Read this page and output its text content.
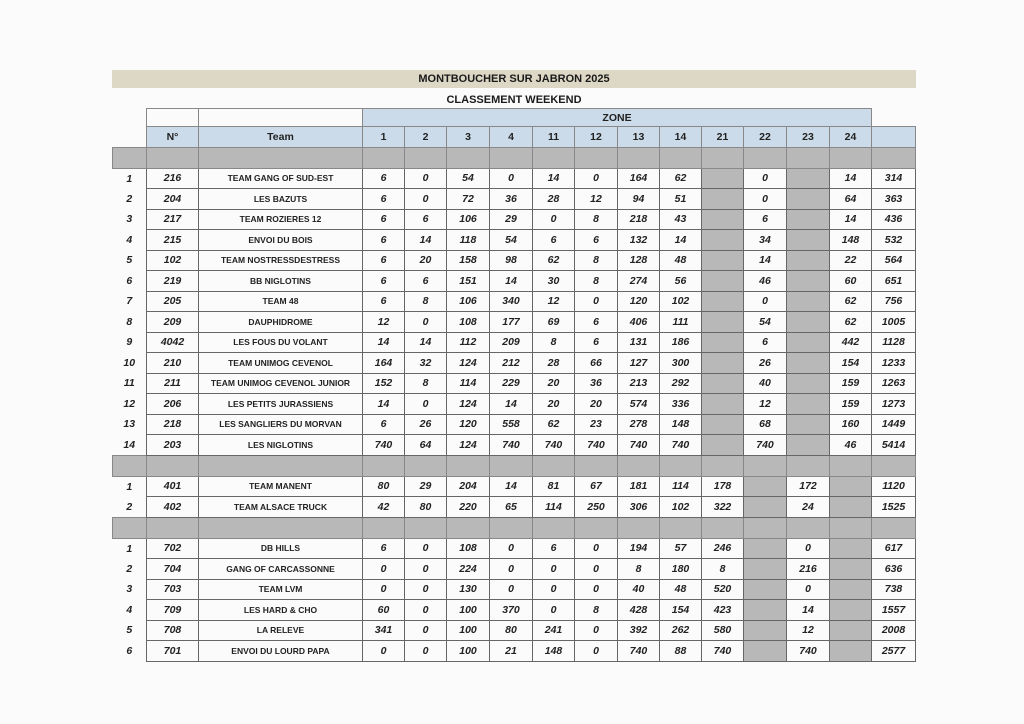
MONTBOUCHER SUR JABRON 2025
CLASSEMENT WEEKEND
			ZONE												
	N°	Team	1	2	3	4	11	12	13	14	21	22	23	24	

1	216	TEAM GANG OF SUD-EST	6	0	54	0	14	0	164	62		0		14	314
2	204	LES BAZUTS	6	0	72	36	28	12	94	51		0		64	363
3	217	TEAM ROZIERES 12	6	6	106	29	0	8	218	43		6		14	436
4	215	ENVOI DU BOIS	6	14	118	54	6	6	132	14		34		148	532
5	102	TEAM NOSTRESSDESTRESS	6	20	158	98	62	8	128	48		14		22	564
6	219	BB NIGLOTINS	6	6	151	14	30	8	274	56		46		60	651
7	205	TEAM 48	6	8	106	340	12	0	120	102		0		62	756
8	209	DAUPHIDROME	12	0	108	177	69	6	406	111		54		62	1005
9	4042	LES FOUS DU VOLANT	14	14	112	209	8	6	131	186		6		442	1128
10	210	TEAM UNIMOG CEVENOL	164	32	124	212	28	66	127	300		26		154	1233
11	211	TEAM UNIMOG CEVENOL JUNIOR	152	8	114	229	20	36	213	292		40		159	1263
12	206	LES PETITS JURASSIENS	14	0	124	14	20	20	574	336		12		159	1273
13	218	LES SANGLIERS DU MORVAN	6	26	120	558	62	23	278	148		68		160	1449
14	203	LES NIGLOTINS	740	64	124	740	740	740	740	740		740		46	5414

1	401	TEAM MANENT	80	29	204	14	81	67	181	114	178		172		1120
2	402	TEAM ALSACE TRUCK	42	80	220	65	114	250	306	102	322		24		1525

1	702	DB HILLS	6	0	108	0	6	0	194	57	246		0		617
2	704	GANG OF CARCASSONNE	0	0	224	0	0	0	8	180	8		216		636
3	703	TEAM LVM	0	0	130	0	0	0	40	48	520		0		738
4	709	LES HARD & CHO	60	0	100	370	0	8	428	154	423		14		1557
5	708	LA RELEVE	341	0	100	80	241	0	392	262	580		12		2008
6	701	ENVOI DU LOURD PAPA	0	0	100	21	148	0	740	88	740		740		2577
